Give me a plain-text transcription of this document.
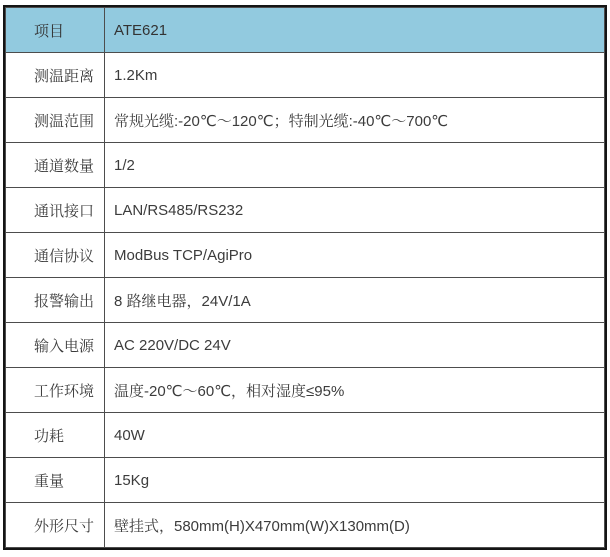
项目	ATE621
测温距离	1.2Km
测温范围	常规光缆:-20℃～120℃；特制光缆:-40℃～700℃
通道数量	1/2
通讯接口	LAN/RS485/RS232
通信协议	ModBus TCP/AgiPro
报警输出	8 路继电器，24V/1A
输入电源	AC 220V/DC 24V
工作环境	温度-20℃～60℃，相对湿度≤95%
功耗	40W
重量	15Kg
外形尺寸	壁挂式，580mm(H)X470mm(W)X130mm(D)
